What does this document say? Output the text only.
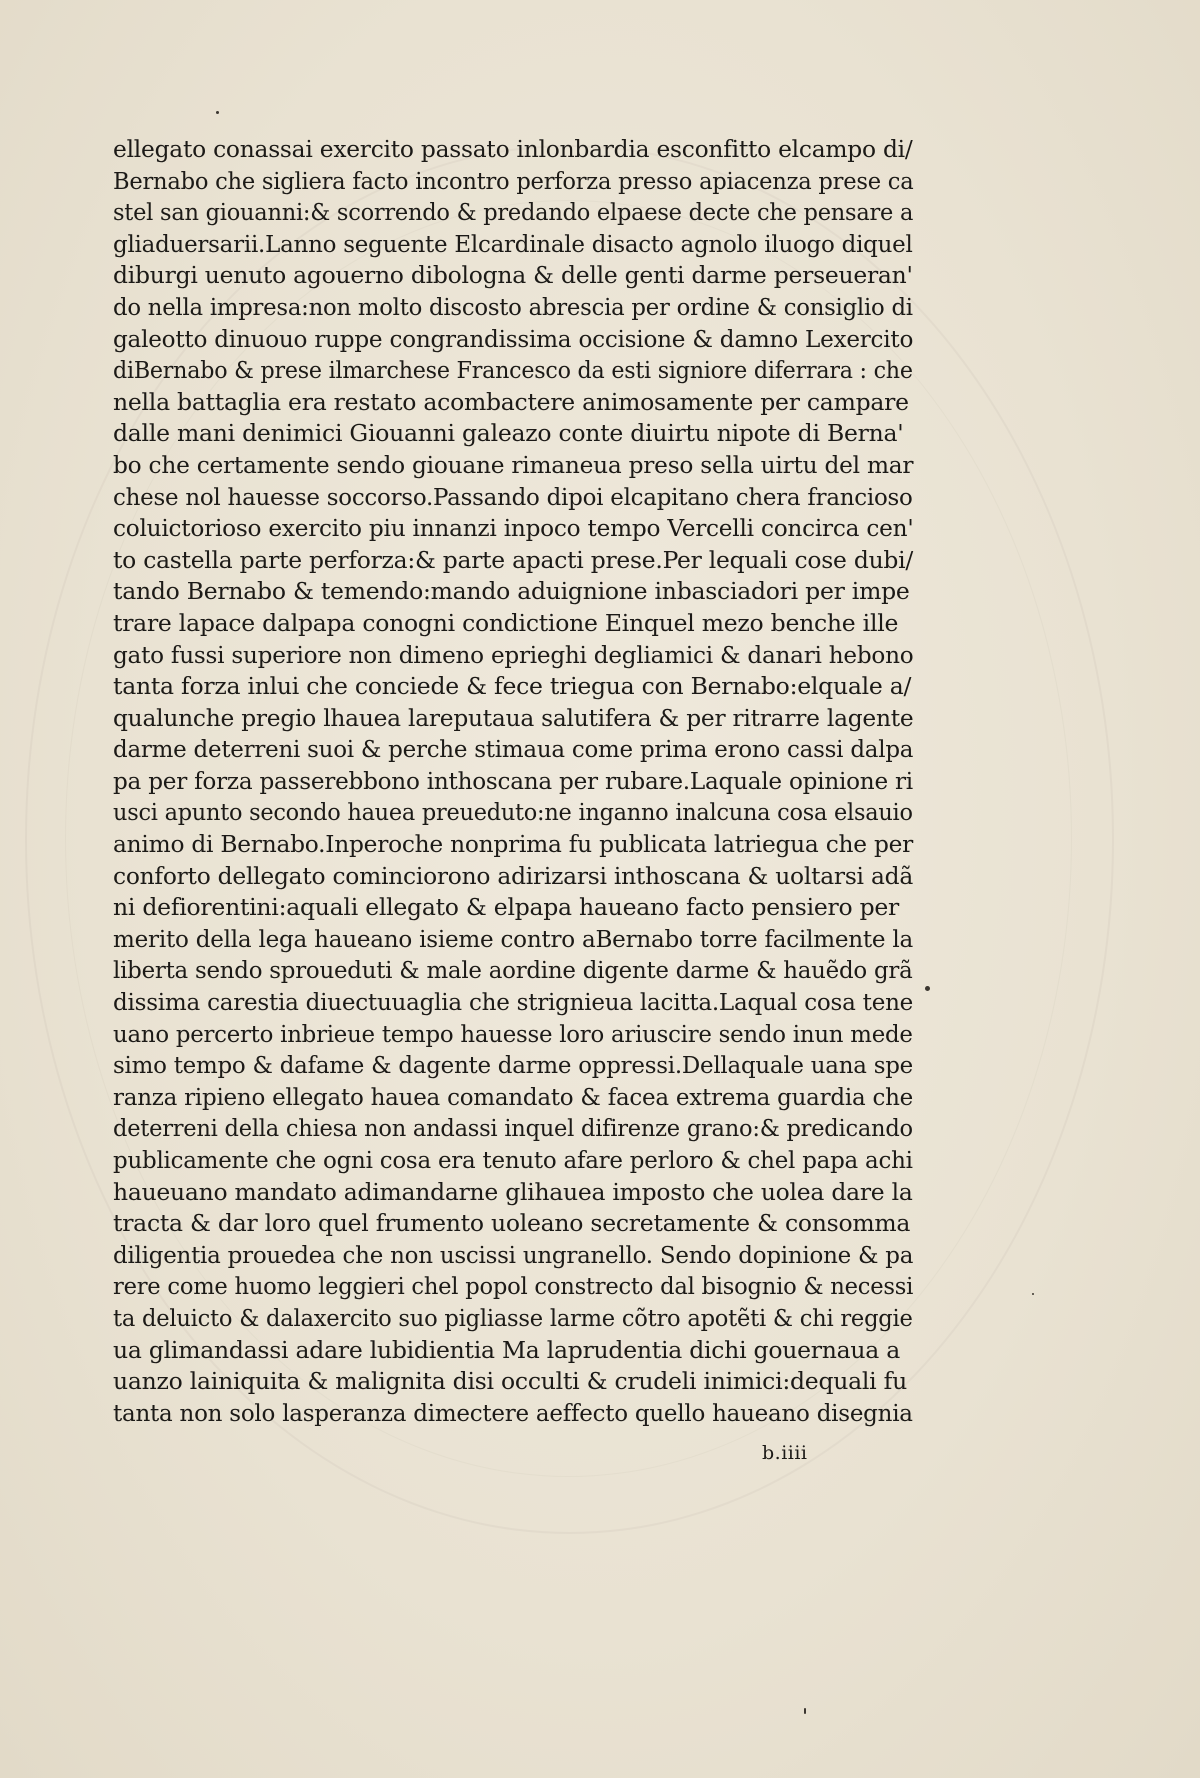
ellegato conassai exercito passato inlonbardia esconfitto elcampo di/
Bernabo che sigliera facto incontro perforza presso apiacenza prese ca
stel san giouanni:& scorrendo & predando elpaese decte che pensare a
gliaduersarii.Lanno seguente Elcardinale disacto agnolo iluogo diquel
diburgi uenuto agouerno dibologna & delle genti darme perseueran'
do nella impresa:non molto discosto abrescia per ordine & consiglio di
galeotto dinuouo ruppe congrandissima occisione & damno Lexercito
diBernabo & prese ilmarchese Francesco da esti signiore diferrara : che
nella battaglia era restato acombactere animosamente per campare
dalle mani denimici Giouanni galeazo conte diuirtu nipote di Berna'
bo che certamente sendo giouane rimaneua preso sella uirtu del mar
chese nol hauesse soccorso.Passando dipoi elcapitano chera franciosо
coluictorioso exercito piu innanzi inpoco tempo Vercelli concirca cen'
to castella parte perforza:& parte apacti prese.Per lequali cose dubi/
tando Bernabo & temendo:mando aduignione inbasciadori per impe
trare lapace dalpapa conogni condictione Einquel mezo benche ille
gato fussi superiore non dimeno eprieghi degliamici & danari hebono
tanta forza inlui che conciede & fece triegua con Bernabo:elquale a/
qualunche pregio lhauea lareputaua salutifera & per ritrarre lagente
darme deterreni suoi & perche stimaua come prima erono cassi dalpa
pa per forza passerebbono inthoscana per rubare.Laquale opinione ri
usci apunto secondo hauea preueduto:ne inganno inalcuna cosa elsauio
animo di Bernabo.Inperoche nonprima fu publicata latriegua che per
conforto dellegato cominciorono adirizarsi inthoscana & uoltarsi adã
ni defiorentini:aquali ellegato & elpapa haueano facto pensiero per
merito della lega haueano isieme contro aBernabo torre facilmente la
liberta sendo sproueduti & male aordine digente darme & hauẽdo grã
dissima carestia diuectuuaglia che strigniеua lacitta.Laqual cosa tene
uano percerto inbrieue tempo hauesse loro ariuscire sendo inun mede
simo tempo & dafame & dagente darme oppressi.Dellaquale uana spe
ranza ripieno ellegato hauea comandato & facea extrema guardia che
deterreni della chiesa non andassi inquel difirenze grano:& predicando
publicamente che ogni cosa era tenuto afare perloro & chel papa achi
haueuano mandato adimandarne glihauea imposto che uolea dare la
tracta & dar loro quel frumento uoleano secretamente & consomma
diligentia prouedea che non uscissi ungranello. Sendo dopinione & pa
rere come huomo leggieri chel popol constrecto dal bisognio & necessi
ta deluicto & dalaxercito suo pigliasse larme cõtro apotẽti & chi reggie
ua glimandassi adare lubidientia Ma laprudentia dichi gouernaua a
uanzo lainiquita & malignita disi occulti & crudeli inimici:dequali fu
tanta non solo lasperanza dimectere aeffecto quello haueano disegnia
b.iiii
